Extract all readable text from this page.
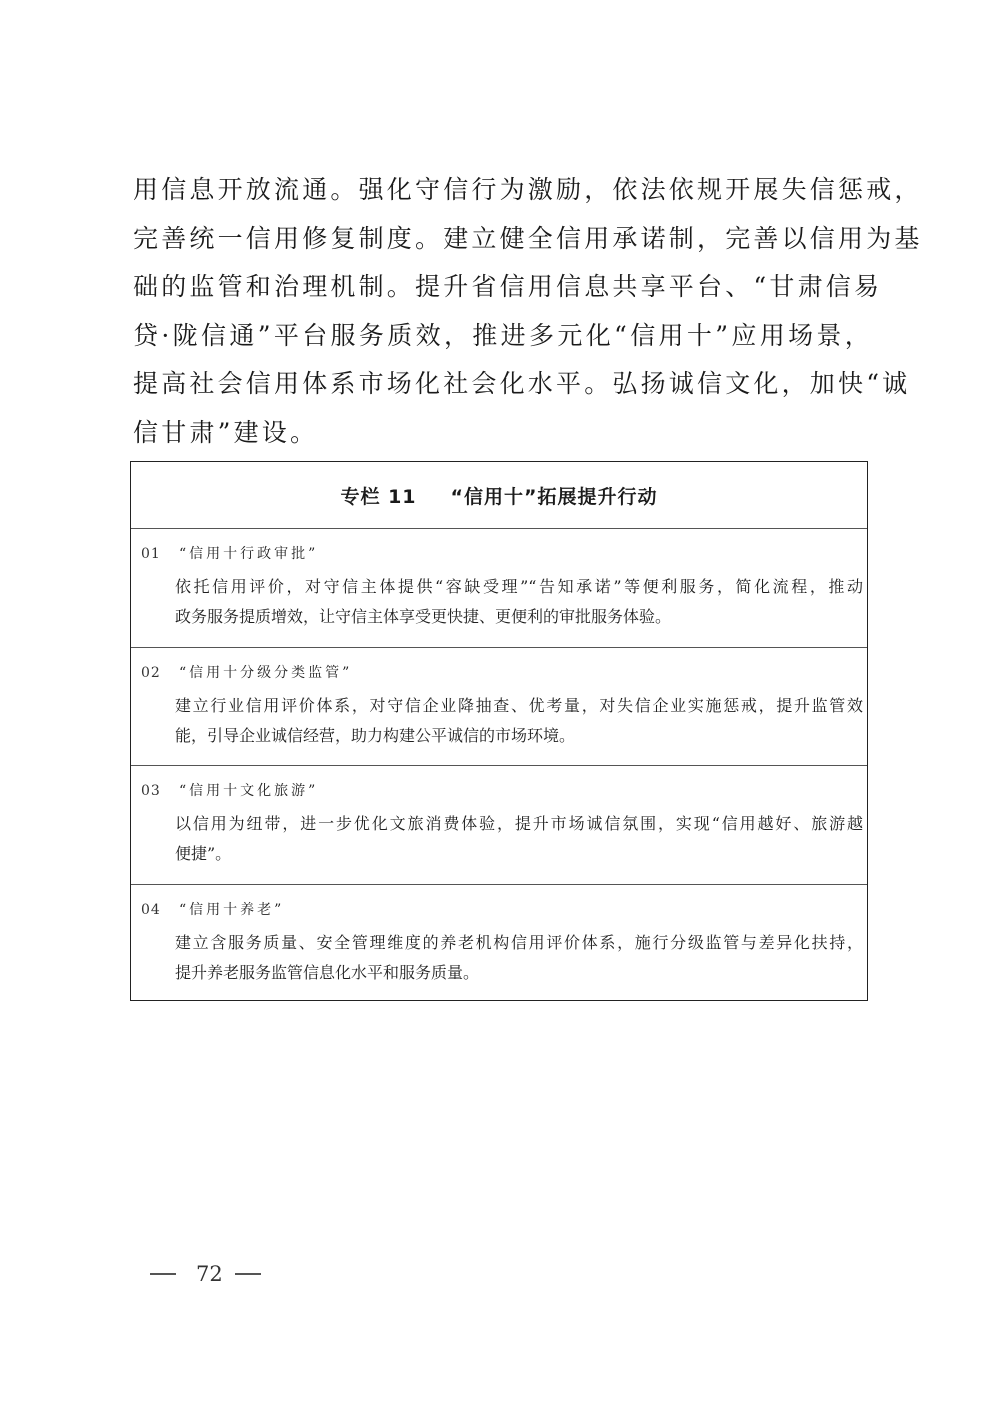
用信息开放流通。强化守信行为激励，依法依规开展失信惩戒，
完善统一信用修复制度。建立健全信用承诺制，完善以信用为基
础的监管和治理机制。提升省信用信息共享平台、“甘肃信易
贷·陇信通”平台服务质效，推进多元化“信用十”应用场景，
提高社会信用体系市场化社会化水平。弘扬诚信文化，加快“诚
信甘肃”建设。
专栏 11 “信用十”拓展提升行动
01 “信用十行政审批”
依托信用评价，对守信主体提供“容缺受理”“告知承诺”等便利服务，简化流程，推动
政务服务提质增效，让守信主体享受更快捷、更便利的审批服务体验。
02 “信用十分级分类监管”
建立行业信用评价体系，对守信企业降抽查、优考量，对失信企业实施惩戒，提升监管效
能，引导企业诚信经营，助力构建公平诚信的市场环境。
03 “信用十文化旅游”
以信用为纽带，进一步优化文旅消费体验，提升市场诚信氛围，实现“信用越好、旅游越
便捷”。
04 “信用十养老”
建立含服务质量、安全管理维度的养老机构信用评价体系，施行分级监管与差异化扶持，
提升养老服务监管信息化水平和服务质量。
72
